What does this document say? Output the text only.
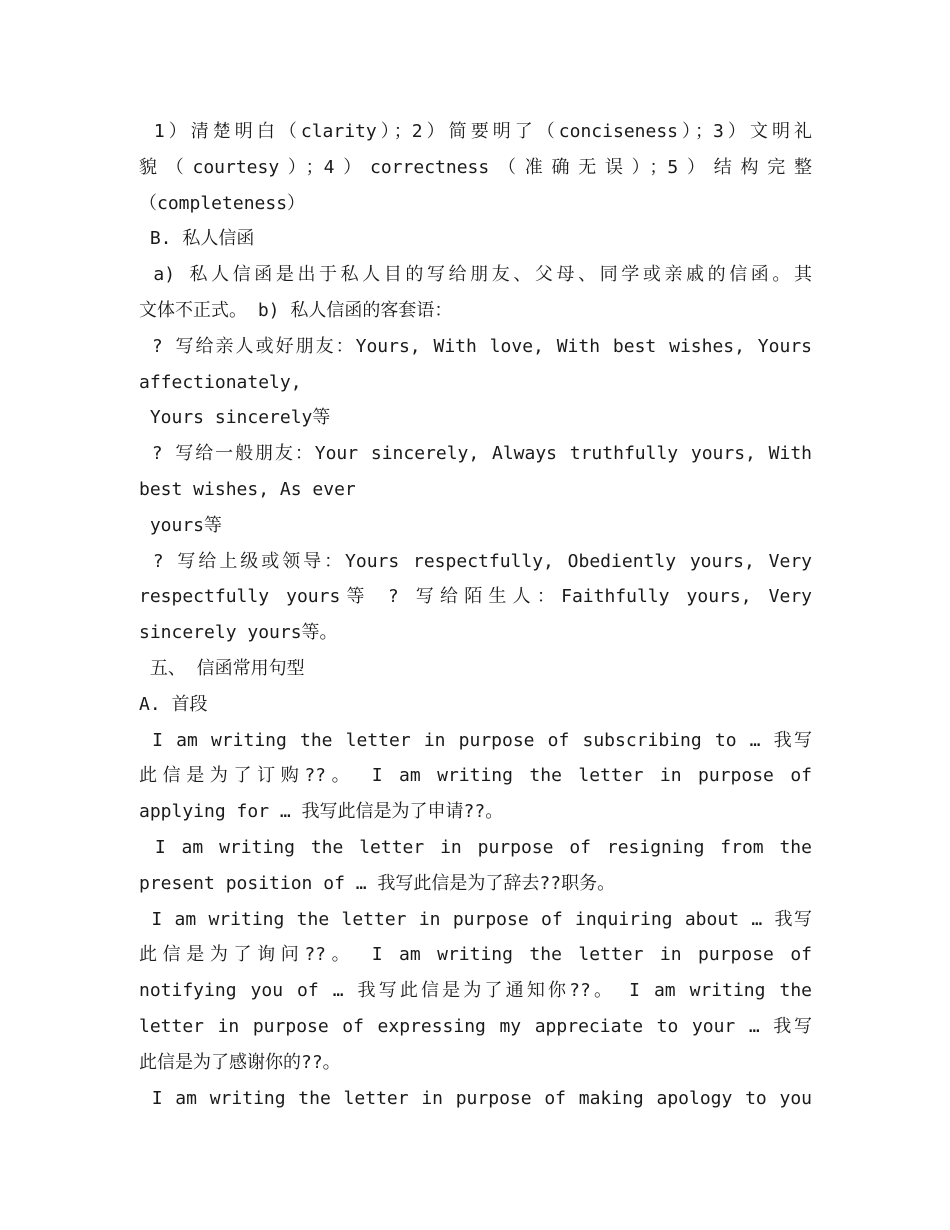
1）清楚明白（clarity）；2）简要明了（conciseness）；3）文明礼
貌（courtesy）；4）correctness（准确无误）；5）结构完整
（completeness）
B. 私人信函
a) 私人信函是出于私人目的写给朋友、父母、同学或亲戚的信函。其
文体不正式。 b) 私人信函的客套语：
? 写给亲人或好朋友：Yours, With love, With best wishes, Yours
affectionately,
Yours sincerely等
? 写给一般朋友：Your sincerely, Always truthfully yours, With
best wishes, As ever
yours等
? 写给上级或领导：Yours respectfully, Obediently yours, Very
respectfully yours等 ? 写给陌生人：Faithfully yours, Very
sincerely yours等。
五、 信函常用句型
A. 首段
I am writing the letter in purpose of subscribing to … 我写
此信是为了订购??。 I am writing the letter in purpose of
applying for … 我写此信是为了申请??。
I am writing the letter in purpose of resigning from the
present position of … 我写此信是为了辞去??职务。
I am writing the letter in purpose of inquiring about … 我写
此信是为了询问??。 I am writing the letter in purpose of
notifying you of … 我写此信是为了通知你??。 I am writing the
letter in purpose of expressing my appreciate to your … 我写
此信是为了感谢你的??。
I am writing the letter in purpose of making apology to you
